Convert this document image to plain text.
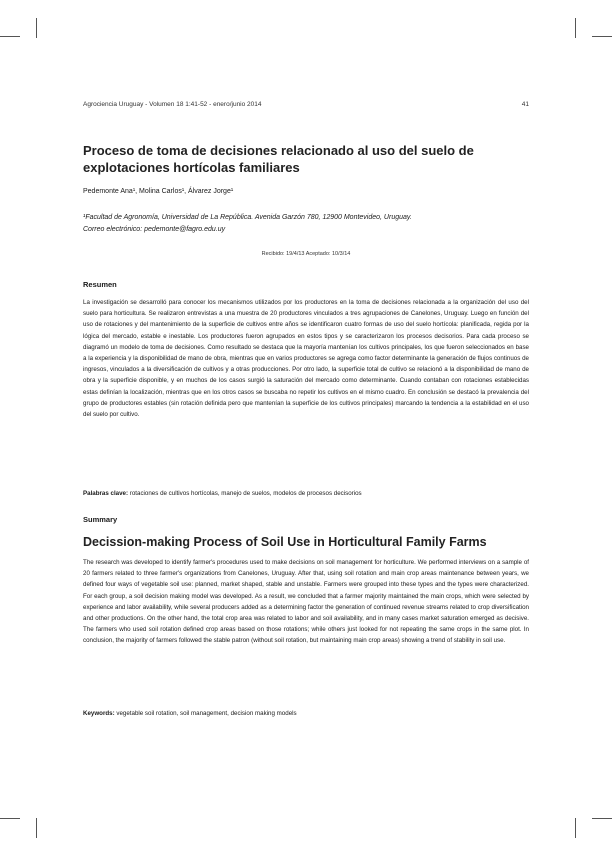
Agrociencia Uruguay - Volumen 18 1:41-52 - enero/junio 2014	41
Proceso de toma de decisiones relacionado al uso del suelo de explotaciones hortícolas familiares

Pedemonte Ana¹, Molina Carlos¹, Álvarez Jorge¹

¹Facultad de Agronomía, Universidad de La República. Avenida Garzón 780, 12900 Montevideo, Uruguay.
Correo electrónico: pedemonte@fagro.edu.uy

Recibido: 19/4/13 Aceptado: 10/3/14

Resumen

La investigación se desarrolló para conocer los mecanismos utilizados por los productores en la toma de decisiones relacionada a la organización del uso del suelo para horticultura. Se realizaron entrevistas a una muestra de 20 productores vinculados a tres agrupaciones de Canelones, Uruguay. Luego en función del uso de rotaciones y del mantenimiento de la superficie de cultivos entre años se identificaron cuatro formas de uso del suelo hortícola: planificada, regida por la lógica del mercado, estable e inestable. Los productores fueron agrupados en estos tipos y se caracterizaron los procesos decisorios. Para cada proceso se diagramó un modelo de toma de decisiones. Como resultado se destaca que la mayoría mantenían los cultivos principales, los que fueron seleccionados en base a la experiencia y la disponibilidad de mano de obra, mientras que en varios productores se agrega como factor determinante la generación de flujos continuos de ingresos, vinculados a la diversificación de cultivos y a otras producciones. Por otro lado, la superficie total de cultivo se relacionó a la disponibilidad de mano de obra y la superficie disponible, y en muchos de los casos surgió la saturación del mercado como determinante. Cuando contaban con rotaciones establecidas estas definían la localización, mientras que en los otros casos se buscaba no repetir los cultivos en el mismo cuadro. En conclusión se destacó la prevalencia del grupo de productores estables (sin rotación definida pero que mantenían la superficie de los cultivos principales) marcando la tendencia a la estabilidad en el uso del suelo por cultivo.

Palabras clave: rotaciones de cultivos hortícolas, manejo de suelos, modelos de procesos decisorios

Summary
Decission-making Process of Soil Use in Horticultural Family Farms

The research was developed to identify farmer's procedures used to make decisions on soil management for horticulture. We performed interviews on a sample of 20 farmers related to three farmer's organizations from Canelones, Uruguay. After that, using soil rotation and main crop areas maintenance between years, we defined four ways of vegetable soil use: planned, market shaped, stable and unstable. Farmers were grouped into these types and the types were characterized. For each group, a soil decision making model was developed. As a result, we concluded that a farmer majority maintained the main crops, which were selected by experience and labor availability, while several producers added as a determining factor the generation of continued revenue streams related to crop diversification and other productions. On the other hand, the total crop area was related to labor and soil availability, and in many cases market saturation emerged as decisive. The farmers who used soil rotation defined crop areas based on those rotations; while others just looked for not repeating the same crops in the same plot. In conclusion, the majority of farmers followed the stable patron (without soil rotation, but maintaining main crop areas) showing a trend of stability in soil use.

Keywords: vegetable soil rotation, soil management, decision making models
